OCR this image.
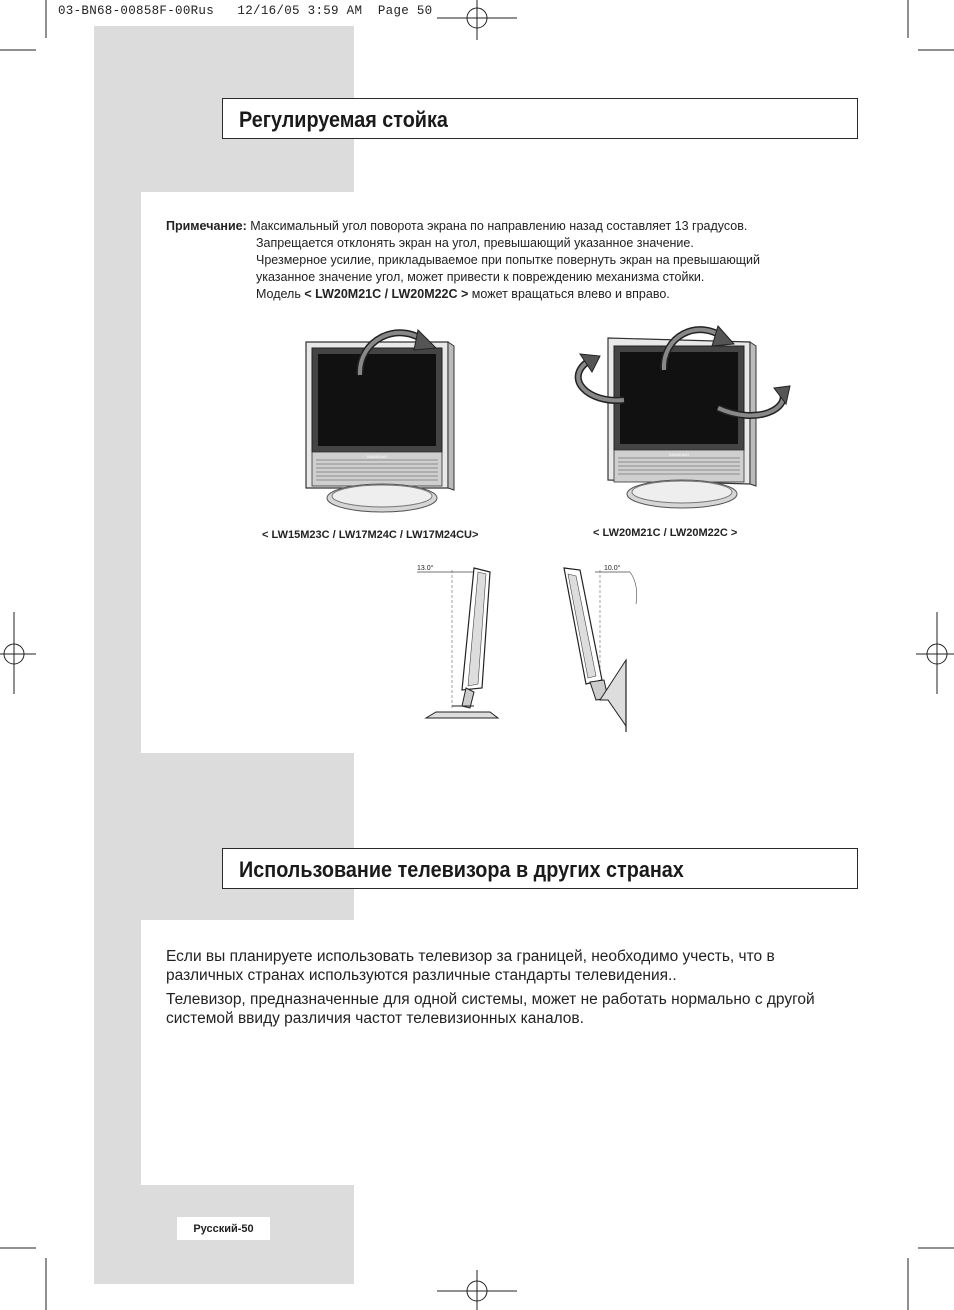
03-BN68-00858F-00Rus   12/16/05 3:59 AM  Page 50
Регулируемая стойка
Примечание: Максимальный угол поворота экрана по направлению назад составляет 13 градусов.
Запрещается отклонять экран на угол, превышающий указанное значение.
Чрезмерное усилие, прикладываемое при попытке повернуть экран на превышающий
указанное значение угол, может привести к повреждению механизма стойки.
Модель < LW20M21C / LW20M22C > может вращаться влево и вправо.
SAMSUNG	SAMSUNG
< LW15M23C / LW17M24C / LW17M24CU>	< LW20M21C / LW20M22C >
13.0°	10.0°
Использование телевизора в других странах
Если вы планируете использовать телевизор за границей, необходимо учесть, что в различных странах используются различные стандарты телевидения..
Телевизор, предназначенные для одной системы, может не работать нормально с другой системой ввиду различия частот телевизионных каналов.
Русский-50
